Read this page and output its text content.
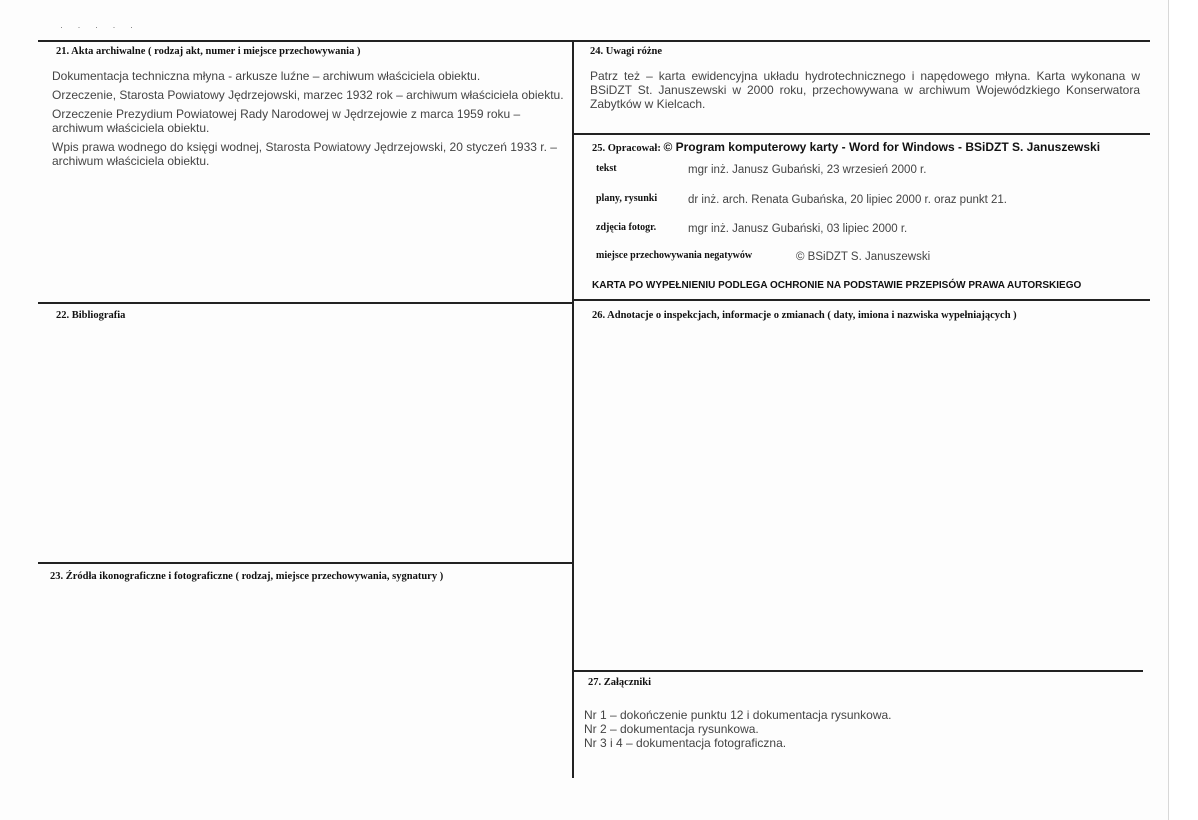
· · · · ·
21. Akta archiwalne ( rodzaj akt, numer i miejsce przechowywania )

Dokumentacja techniczna młyna - arkusze luźne – archiwum właściciela obiektu.

Orzeczenie, Starosta Powiatowy Jędrzejowski, marzec 1932 rok – archiwum właściciela obiektu.

Orzeczenie Prezydium Powiatowej Rady Narodowej w Jędrzejowie z marca 1959 roku – archiwum właściciela obiektu.

Wpis prawa wodnego do księgi wodnej, Starosta Powiatowy Jędrzejowski, 20 styczeń 1933 r. – archiwum właściciela obiektu.

22. Bibliografia
23. Źródła ikonograficzne i fotograficzne ( rodzaj, miejsce przechowywania, sygnatury )
24. Uwagi różne
Patrz też – karta ewidencyjna układu hydrotechnicznego i napędowego młyna. Karta wykonana w BSiDZT St. Januszewski w 2000 roku, przechowywana w archiwum Wojewódzkiego Konserwatora Zabytków w Kielcach.
25. Opracował: © Program komputerowy karty - Word for Windows - BSiDZT S. Januszewski
tekst	mgr inż. Janusz Gubański, 23 wrzesień 2000 r.
plany, rysunki	dr inż. arch. Renata Gubańska, 20 lipiec 2000 r. oraz punkt 21.
zdjęcia fotogr.	mgr inż. Janusz Gubański, 03 lipiec 2000 r.
miejsce przechowywania negatywów	© BSiDZT S. Januszewski
KARTA PO WYPEŁNIENIU PODLEGA OCHRONIE NA PODSTAWIE PRZEPISÓW PRAWA AUTORSKIEGO
26. Adnotacje o inspekcjach, informacje o zmianach ( daty, imiona i nazwiska wypełniających )
27. Załączniki
Nr 1 – dokończenie punktu 12 i dokumentacja rysunkowa.
Nr 2 – dokumentacja rysunkowa.
Nr 3 i 4 – dokumentacja fotograficzna.
